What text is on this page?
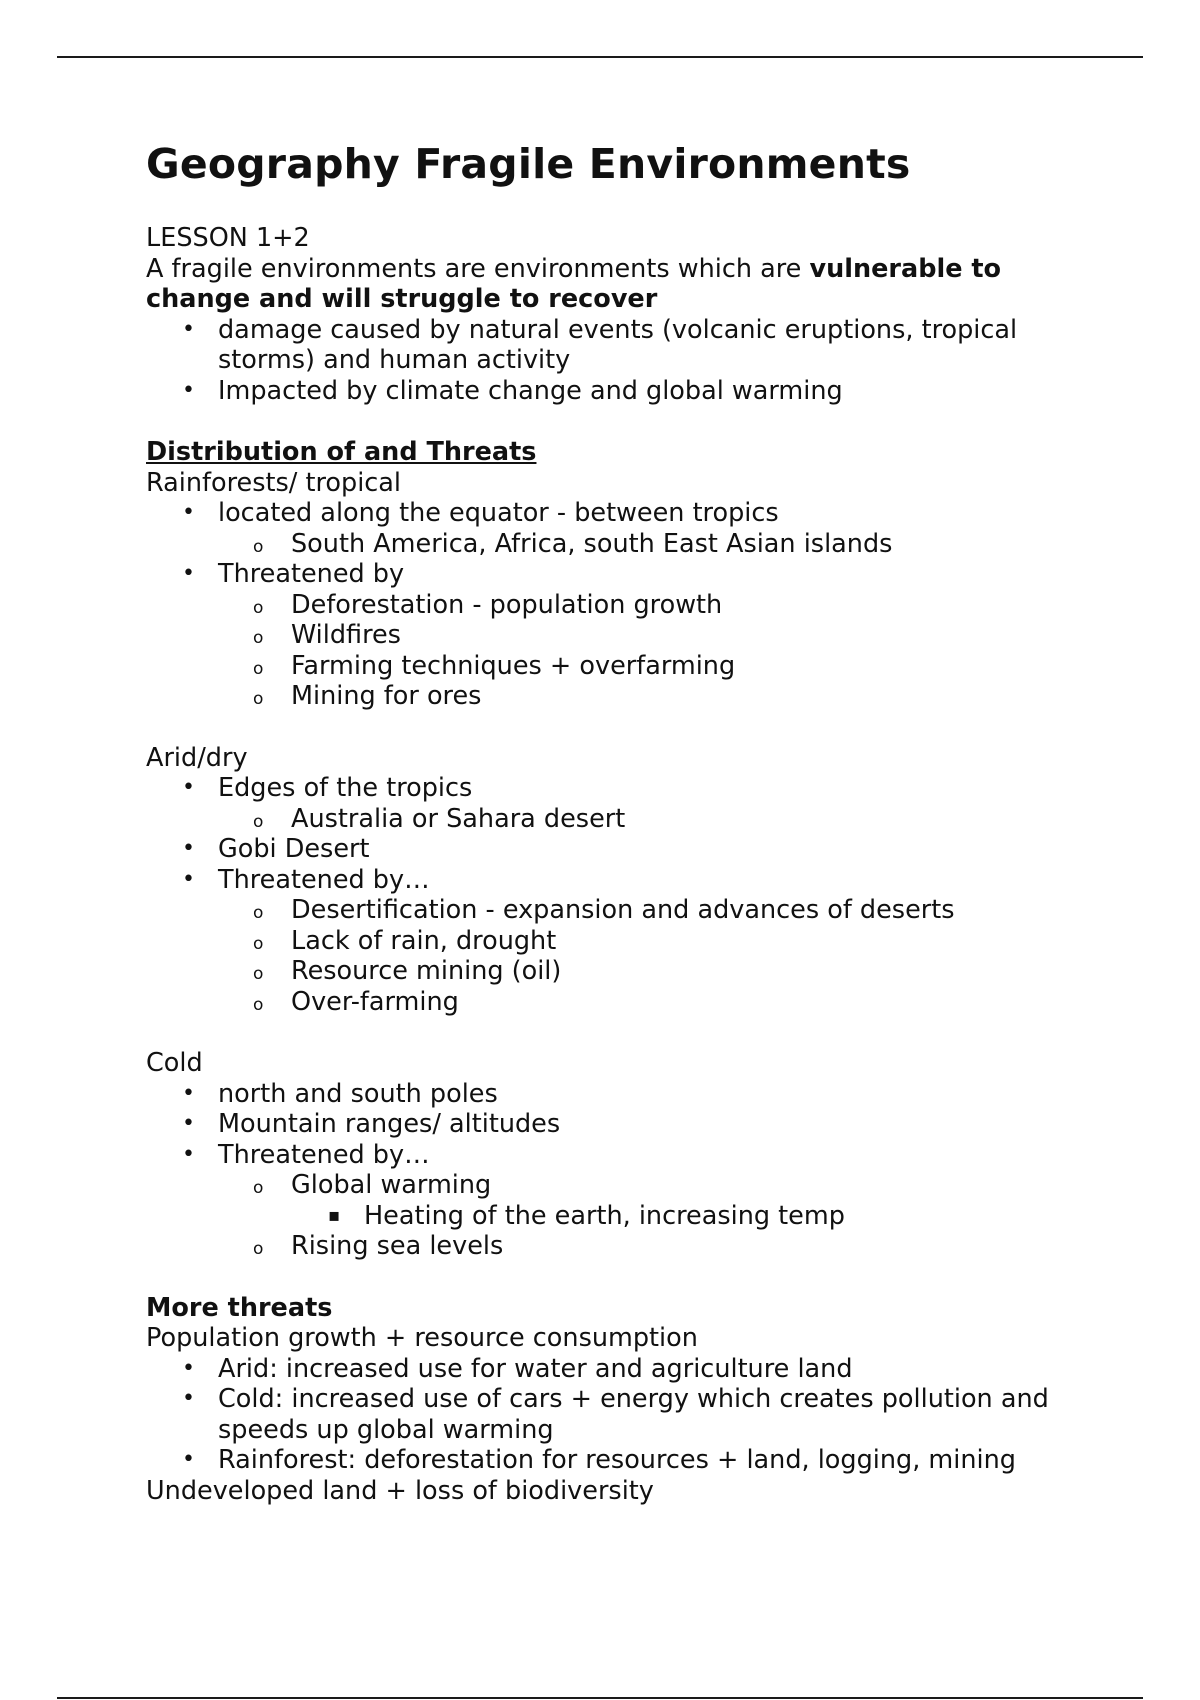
Geography Fragile Environments

LESSON 1+2

A fragile environments are environments which are vulnerable to change and will struggle to recover

• damage caused by natural events (volcanic eruptions, tropical storms) and human activity
• Impacted by climate change and global warming

Distribution of and Threats

Rainforests/ tropical

• located along the equator - between tropics
o South America, Africa, south East Asian islands
• Threatened by
o Deforestation - population growth
o Wildfires
o Farming techniques + overfarming
o Mining for ores

Arid/dry

• Edges of the tropics
o Australia or Sahara desert
• Gobi Desert
• Threatened by…
o Desertification - expansion and advances of deserts
o Lack of rain, drought
o Resource mining (oil)
o Over-farming

Cold

• north and south poles
• Mountain ranges/ altitudes
• Threatened by…
o Global warming
▪ Heating of the earth, increasing temp
o Rising sea levels

More threats

Population growth + resource consumption

• Arid: increased use for water and agriculture land
• Cold: increased use of cars + energy which creates pollution and speeds up global warming
• Rainforest: deforestation for resources + land, logging, mining

Undeveloped land + loss of biodiversity
